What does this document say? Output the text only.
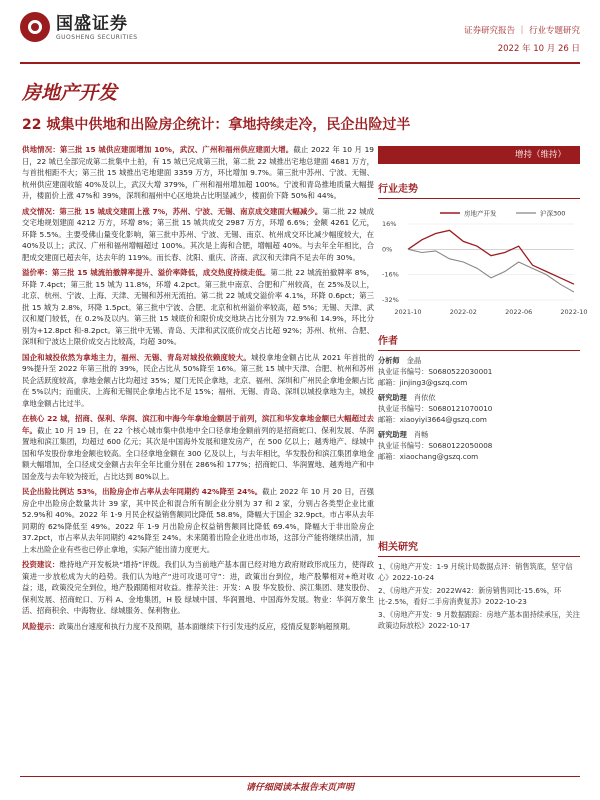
国盛证券
GUOSHENG SECURITIES
证券研究报告 ｜ 行业专题研究
2022 年 10 月 26 日
房地产开发
22 城集中供地和出险房企统计：拿地持续走冷，民企出险过半

供地情况：第三批 15 城供应建面增加 10%，武汉、广州和福州供应建面大增。截止 2022 年 10 月 19 日，22 城已全部完成第二批集中土拍，有 15 城已完成第三批，第二批 22 城推出宅地总建面 4681 万方，与首批相距不大；第三批 15 城推出宅地建面 3359 万方，环比增加 9.7%。第三批中苏州、宁波、无锡、杭州供应建面收缩 40%及以上，武汉大增 379%，广州和福州增加超 100%。宁波和青岛推地质量大幅提升，楼面价上涨 47%和 39%，深圳和福州中心区地块占比明显减少，楼面价下降 50%和 44%。

成交情况：第三批 15 城成交建面上涨 7%，苏州、宁波、无锡、南京成交建面大幅减少。第二批 22 城成交宅地规划建面 4212 万方，环增 8%；第三批 15 城共成交 2987 万方，环增 6.6%；金额 4261 亿元，环降 5.5%。主要受佛山量变化影响，第三批中苏州、宁波、无锡、南京、杭州成交环比减少幅度较大，在 40%及以上；武汉、广州和福州增幅超过 100%。其次是上海和合肥，增幅超 40%。与去年全年相比，合肥成交建面已超去年，达去年的 119%。而长春、沈阳、重庆、济南、武汉和天津尚不足去年的 30%。

溢价率：第三批 15 城流拍撤牌率提升、溢价率降低，成交热度持续走低。第二批 22 城流拍撤牌率 8%，环降 7.4pct；第三批 15 城为 11.8%，环增 4.2pct。第三批中南京、合肥和广州较高，在 25%及以上，北京、杭州、宁波、上海、天津、无锡和苏州无流拍。第二批 22 城成交溢价率 4.1%，环降 0.6pct；第三批 15 城为 2.8%，环降 1.5pct。第三批中宁波、合肥、北京和杭州溢价率较高，超 5%；无锡、天津、武汉和厦门较低，在 0.2%及以内。第三批 15 城底价和限价成交地块占比分别为 72.9%和 14.9%，环比分别为+12.8pct 和-8.2pct。第三批中无锡、青岛、天津和武汉底价成交占比超 92%；苏州、杭州、合肥、深圳和宁波达上限价成交占比较高，均超 30%。

国企和城投依然为拿地主力，福州、无锡、青岛对城投依赖度较大。城投拿地金额占比从 2021 年首批的 9%提升至 2022 年第三批的 39%，民企占比从 50%降至 16%。第三批 15 城中天津、合肥、杭州和苏州民企活跃度较高，拿地金额占比均超过 35%；厦门无民企拿地，北京、福州、深圳和广州民企拿地金额占比在 5%以内；而重庆、上海和无锡民企拿地占比不足 15%；福州、无锡、青岛、深圳以城投拿地为主，城投拿地金额占比过半。

在核心 22 城，招商、保利、华润、滨江和中海今年拿地金额居于前列，滨江和华发拿地金额已大幅超过去年。截止 10 月 19 日，在 22 个核心城市集中供地中全口径拿地金额前列的是招商蛇口、保利发展、华润置地和滨江集团，均超过 600 亿元；其次是中国海外发展和建发房产，在 500 亿以上；越秀地产、绿城中国和华发股份拿地金额也较高。全口径拿地金额在 300 亿及以上，与去年相比，华发股份和滨江集团拿地金额大幅增加，全口径成交金额占去年全年比重分别在 286%和 177%；招商蛇口、华润置地、越秀地产和中国金茂与去年较为接近，占比达到 80%以上。

民企出险比例达 53%，出险房企市占率从去年同期约 42%降至 24%。截止 2022 年 10 月 20 日，百强房企中出险房企数量共计 39 家，其中民企和混合所有制企业分别为 37 和 2 家，分别占各类型企业比重 52.9%和 40%。2022 年 1-9 月民企权益销售额同比降低 58.8%，降幅大于国企 32.9pct。市占率从去年同期的 62%降低至 49%。2022 年 1-9 月出险房企权益销售额同比降低 69.4%，降幅大于非出险房企 37.2pct，市占率从去年同期约 42%降至 24%。未来随着出险企业进出市场，这部分产能将继续出清，加上未出险企业有些也已停止拿地，实际产能出清力度更大。

投资建议：维持地产开发板块“增持”评级。我们认为当前地产基本面已经对地方政府财政形成压力，使得政策进一步放松成为大的趋势。我们认为地产“进可攻退可守”：进，政策出台到位，地产股攀相对+绝对收益；退，政策没完全到位，地产股跟随相对收益。推荐关注：开发：A 股 华发股份、滨江集团、建发股份、保利发展、招商蛇口、万科 A、金地集团，H 股 绿城中国、华润置地、中国海外发展。物业：华润万象生活、招商积余、中海物业、绿城服务、保利物业。

风险提示：政策出台速度和执行力度不及预期，基本面继续下行引发违约反应，疫情反复影响超预期。

增持（维持）
行业走势
16%
0%
-16%
-32%
2021-10	2022-02	2022-06	2022-10
房地产开发	沪深300
作者
分析师　 金晶
执业证书编号：S0680522030001
邮箱：jinjing3@gszq.com
研究助理　 肖依依
执业证书编号：S0680121070010
邮箱：xiaoyiyi3664@gszq.com
研究助理　 肖畅
执业证书编号：S0680122050008
邮箱：xiaochang@gszq.com
相关研究
1、《房地产开发：1-9 月统计局数据点评：销售筑底，坚守信心》2022-10-24
2、《房地产开发：2022W42：新房销售同比-15.6%，环比-2.5%，看好二手房消费复苏》2022-10-23
3、《房地产开发：9 月数据跟踪：房地产基本面持续承压，关注政策边际放松》2022-10-17
请仔细阅读本报告末页声明
